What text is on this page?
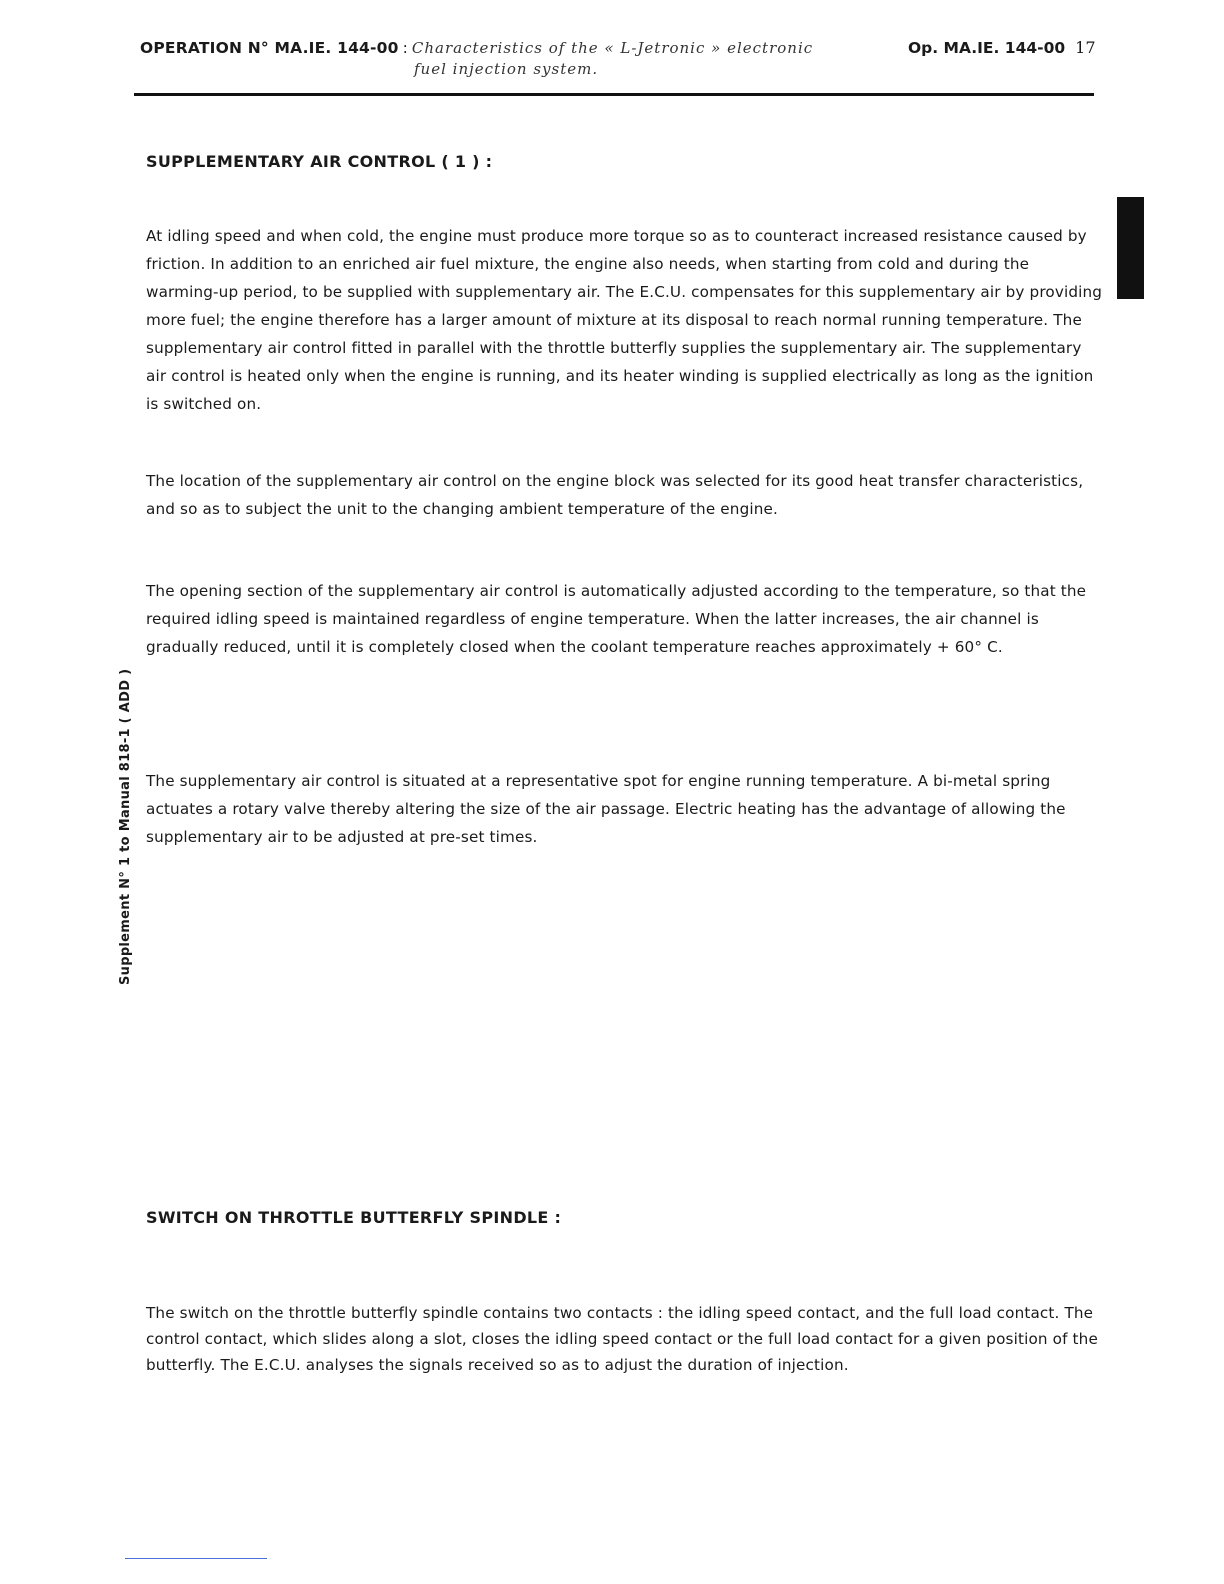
OPERATION N° MA.IE. 144-00 : Characteristics of the « L-Jetronic » electronic
fuel injection system.
Op. MA.IE. 144-00 17
Supplement N° 1 to Manual 818-1 ( ADD )
SUPPLEMENTARY AIR CONTROL ( 1 ) :

At idling speed and when cold, the engine must produce more torque so as to counteract increased resistance caused by friction. In addition to an enriched air fuel mixture, the engine also needs, when starting from cold and during the warming-up period, to be supplied with supplementary air. The E.C.U. compensates for this supplementary air by providing more fuel; the engine therefore has a larger amount of mixture at its disposal to reach normal running temperature. The supplementary air control fitted in parallel with the throttle butterfly supplies the supplementary air. The supplementary air control is heated only when the engine is running, and its heater winding is supplied electrically as long as the ignition is switched on.

The location of the supplementary air control on the engine block was selected for its good heat transfer characteristics, and so as to subject the unit to the changing ambient temperature of the engine.

The opening section of the supplementary air control is automatically adjusted according to the temperature, so that the required idling speed is maintained regardless of engine temperature. When the latter increases, the air channel is gradually reduced, until it is completely closed when the coolant temperature reaches approximately + 60° C.

The supplementary air control is situated at a representative spot for engine running temperature. A bi-metal spring actuates a rotary valve thereby altering the size of the air passage. Electric heating has the advantage of allowing the supplementary air to be adjusted at pre-set times.

SWITCH ON THROTTLE BUTTERFLY SPINDLE :

The switch on the throttle butterfly spindle contains two contacts : the idling speed contact, and the full load contact. The control contact, which slides along a slot, closes the idling speed contact or the full load contact for a given position of the butterfly. The E.C.U. analyses the signals received so as to adjust the duration of injection.
